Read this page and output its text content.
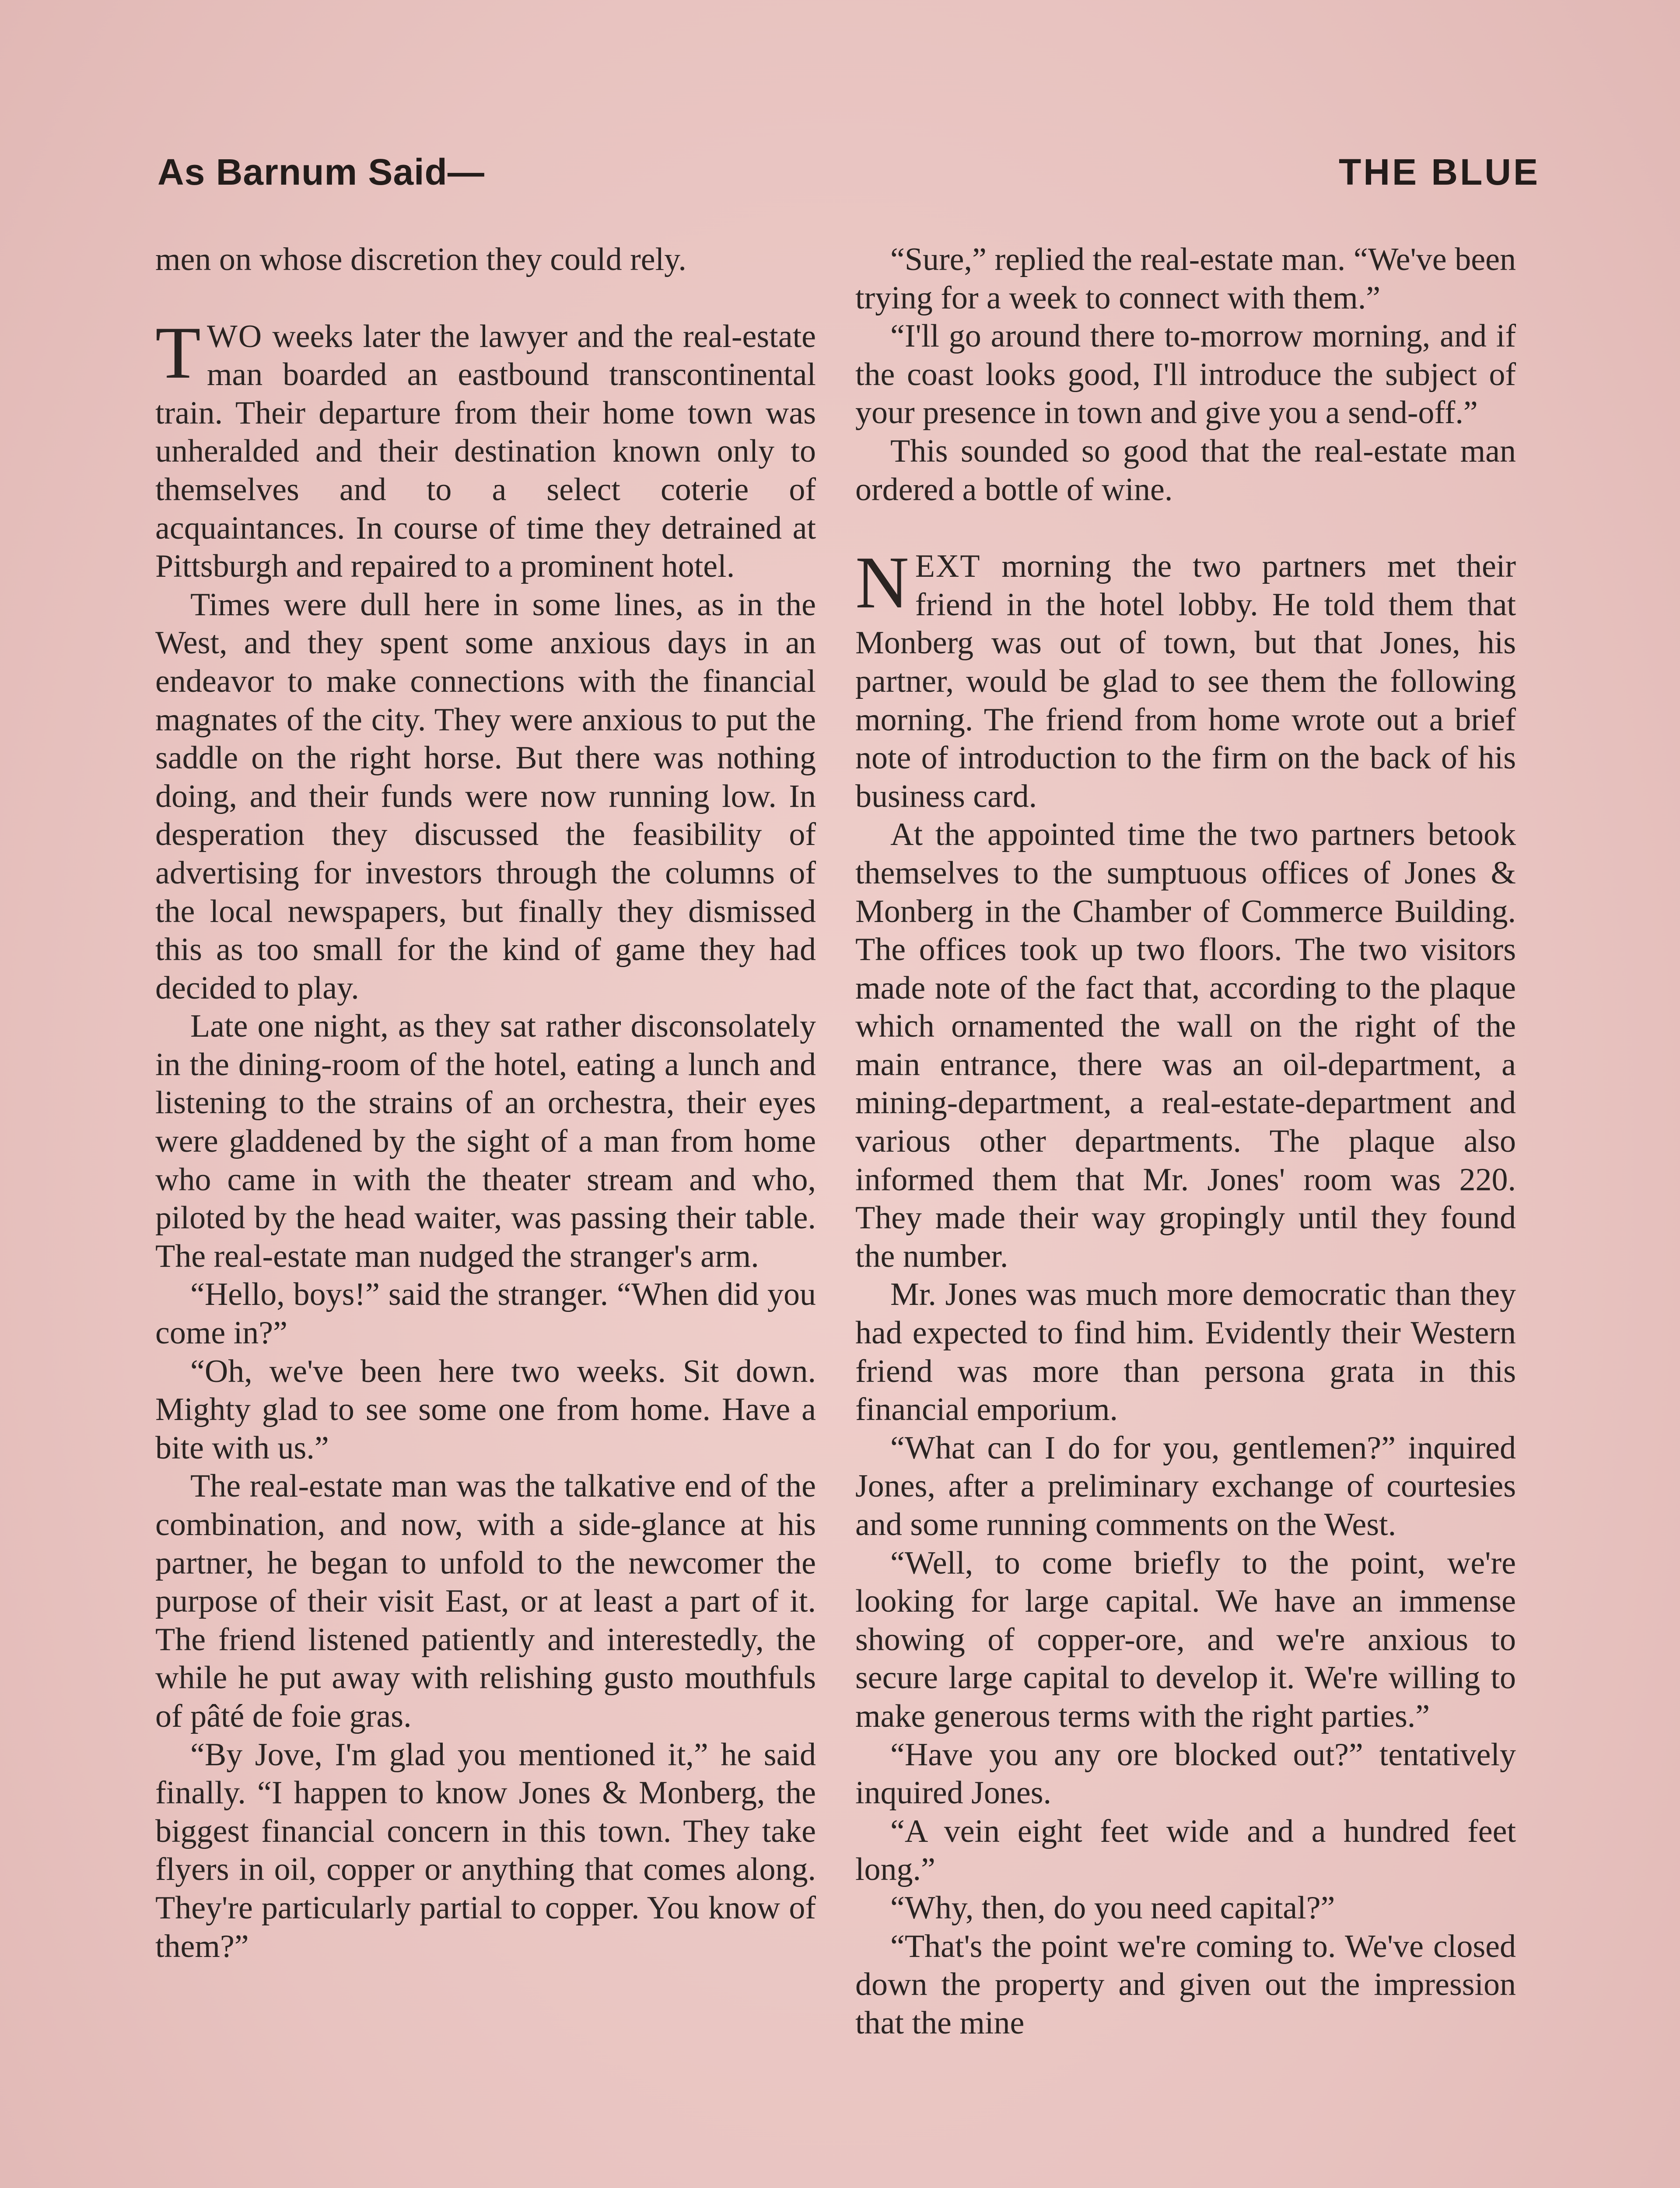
As Barnum Said—	THE BLUE

men on whose discretion they could rely.

TWO weeks later the lawyer and the real-estate man boarded an eastbound transcontinental train. Their departure from their home town was unheralded and their destination known only to themselves and to a select coterie of acquaintances. In course of time they detrained at Pittsburgh and repaired to a prominent hotel.

Times were dull here in some lines, as in the West, and they spent some anxious days in an endeavor to make connections with the financial magnates of the city. They were anxious to put the saddle on the right horse. But there was nothing doing, and their funds were now running low. In desperation they discussed the feasibility of advertising for investors through the columns of the local newspapers, but finally they dismissed this as too small for the kind of game they had decided to play.

Late one night, as they sat rather disconsolately in the dining-room of the hotel, eating a lunch and listening to the strains of an orchestra, their eyes were gladdened by the sight of a man from home who came in with the theater stream and who, piloted by the head waiter, was passing their table. The real-estate man nudged the stranger's arm.

“Hello, boys!” said the stranger. “When did you come in?”

“Oh, we've been here two weeks. Sit down. Mighty glad to see some one from home. Have a bite with us.”

The real-estate man was the talkative end of the combination, and now, with a side-glance at his partner, he began to unfold to the newcomer the purpose of their visit East, or at least a part of it. The friend listened patiently and interestedly, the while he put away with relishing gusto mouthfuls of pâté de foie gras.

“By Jove, I'm glad you mentioned it,” he said finally. “I happen to know Jones & Monberg, the biggest financial concern in this town. They take flyers in oil, copper or anything that comes along. They're particularly partial to copper. You know of them?”

“Sure,” replied the real-estate man. “We've been trying for a week to connect with them.”

“I'll go around there to-morrow morning, and if the coast looks good, I'll introduce the subject of your presence in town and give you a send-off.”

This sounded so good that the real-estate man ordered a bottle of wine.

NEXT morning the two partners met their friend in the hotel lobby. He told them that Monberg was out of town, but that Jones, his partner, would be glad to see them the following morning. The friend from home wrote out a brief note of introduction to the firm on the back of his business card.

At the appointed time the two partners betook themselves to the sumptuous offices of Jones & Monberg in the Chamber of Commerce Building. The offices took up two floors. The two visitors made note of the fact that, according to the plaque which ornamented the wall on the right of the main entrance, there was an oil-department, a mining-department, a real-estate-department and various other departments. The plaque also informed them that Mr. Jones' room was 220. They made their way gropingly until they found the number.

Mr. Jones was much more democratic than they had expected to find him. Evidently their Western friend was more than persona grata in this financial emporium.

“What can I do for you, gentlemen?” inquired Jones, after a preliminary exchange of courtesies and some running comments on the West.

“Well, to come briefly to the point, we're looking for large capital. We have an immense showing of copper-ore, and we're anxious to secure large capital to develop it. We're willing to make generous terms with the right parties.”

“Have you any ore blocked out?” tentatively inquired Jones.

“A vein eight feet wide and a hundred feet long.”

“Why, then, do you need capital?”

“That's the point we're coming to. We've closed down the property and given out the impression that the mine
